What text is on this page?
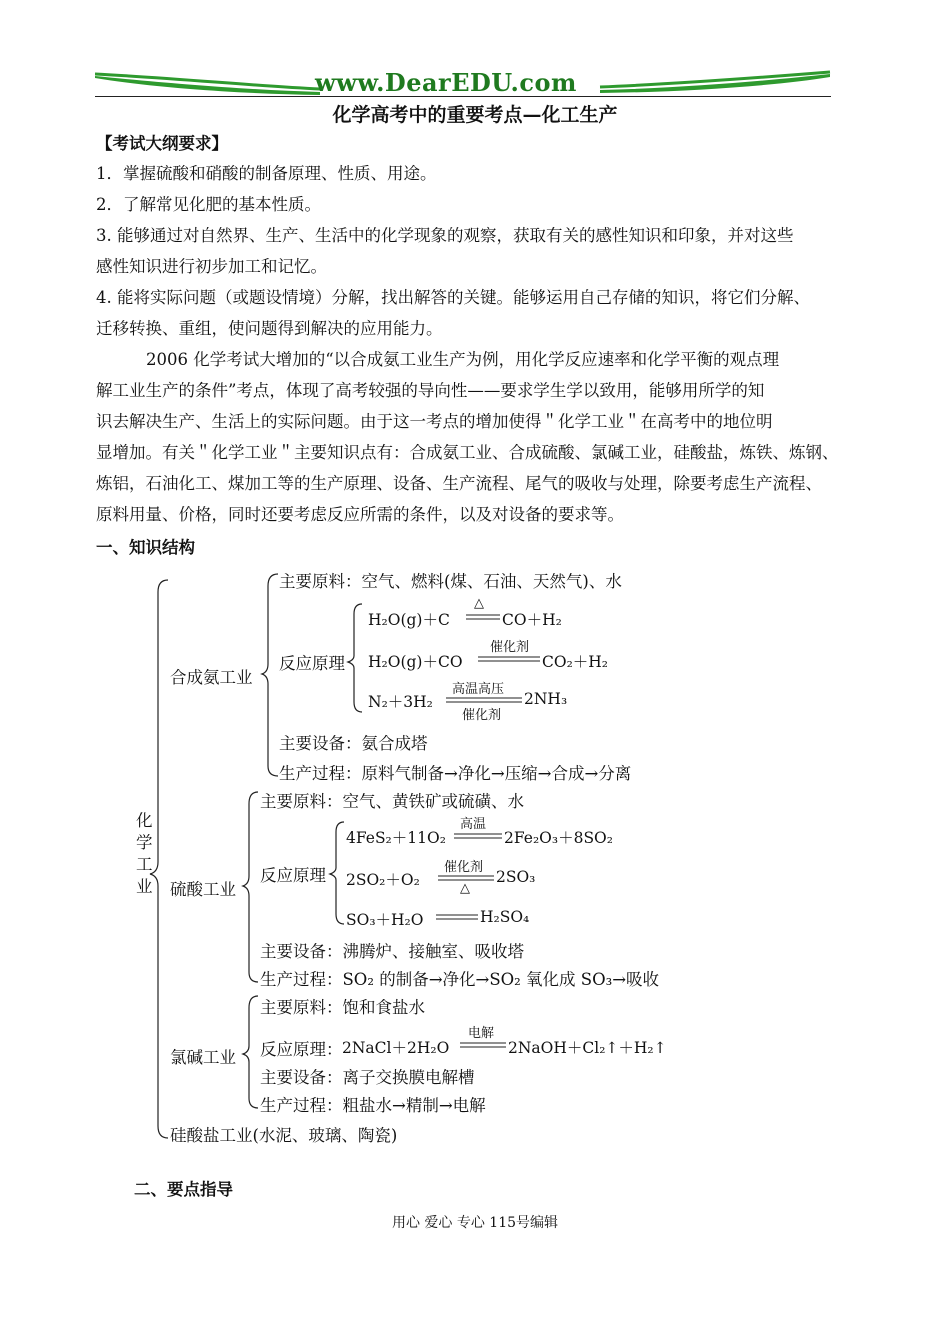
www.DearEDU.com
化学高考中的重要考点—化工生产
【考试大纲要求】
1．掌握硫酸和硝酸的制备原理、性质、用途。
2．了解常见化肥的基本性质。
3. 能够通过对自然界、生产、生活中的化学现象的观察，获取有关的感性知识和印象，并对这些
感性知识进行初步加工和记忆。
4. 能将实际问题（或题设情境）分解，找出解答的关键。能够运用自己存储的知识，将它们分解、
迁移转换、重组，使问题得到解决的应用能力。
2006 化学考试大增加的“以合成氨工业生产为例，用化学反应速率和化学平衡的观点理
解工业生产的条件”考点，体现了高考较强的导向性——要求学生学以致用，能够用所学的知
识去解决生产、生活上的实际问题。由于这一考点的增加使得＂化学工业＂在高考中的地位明
显增加。有关＂化学工业＂主要知识点有：合成氨工业、合成硫酸、氯碱工业，硅酸盐，炼铁、炼钢、
炼铝，石油化工、煤加工等的生产原理、设备、生产流程、尾气的吸收与处理，除要考虑生产流程、
原料用量、价格，同时还要考虑反应所需的条件，以及对设备的要求等。
一、知识结构
化学工业
合成氨工业
主要原料：空气、燃料(煤、石油、天然气)、水
反应原理
H₂O(g)＋C
△
CO＋H₂
H₂O(g)＋CO
催化剂
CO₂＋H₂
N₂＋3H₂
高温高压
催化剂
2NH₃
主要设备：氨合成塔
生产过程：原料气制备→净化→压缩→合成→分离
硫酸工业
主要原料：空气、黄铁矿或硫磺、水
反应原理
4FeS₂＋11O₂
高温
2Fe₂O₃＋8SO₂
2SO₂＋O₂
催化剂
△
2SO₃
SO₃＋H₂O	H₂SO₄
主要设备：沸腾炉、接触室、吸收塔
生产过程：SO₂ 的制备→净化→SO₂ 氧化成 SO₃→吸收
氯碱工业
主要原料：饱和食盐水
反应原理： 2NaCl＋2H₂O
电解
2NaOH＋Cl₂↑＋H₂↑
主要设备：离子交换膜电解槽
生产过程：粗盐水→精制→电解
硅酸盐工业(水泥、玻璃、陶瓷)
二、要点指导
用心 爱心 专心 115号编辑
